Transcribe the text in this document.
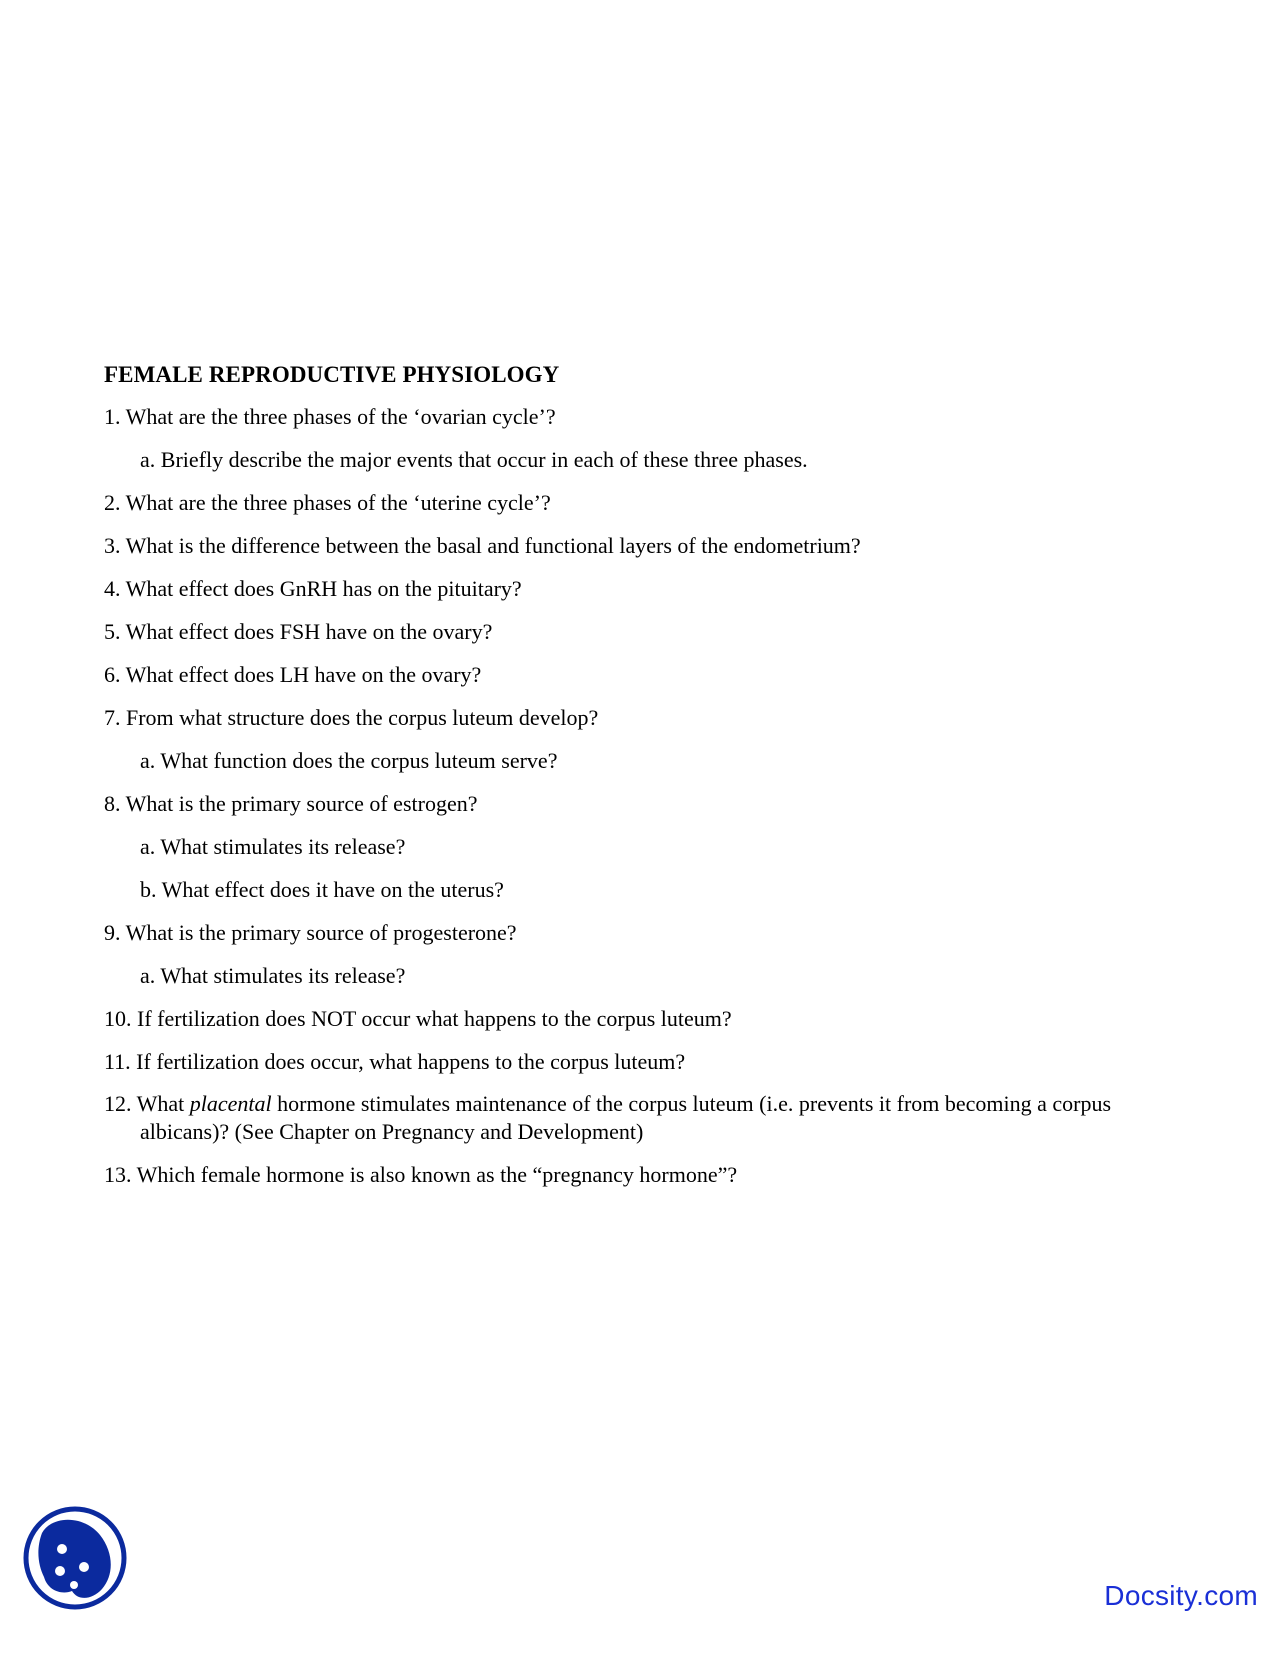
FEMALE REPRODUCTIVE PHYSIOLOGY
1. What are the three phases of the ‘ovarian cycle’?
a. Briefly describe the major events that occur in each of these three phases.
2. What are the three phases of the ‘uterine cycle’?
3. What is the difference between the basal and functional layers of the endometrium?
4. What effect does GnRH has on the pituitary?
5. What effect does FSH have on the ovary?
6. What effect does LH have on the ovary?
7. From what structure does the corpus luteum develop?
a. What function does the corpus luteum serve?
8. What is the primary source of estrogen?
a. What stimulates its release?
b. What effect does it have on the uterus?
9. What is the primary source of progesterone?
a. What stimulates its release?
10. If fertilization does NOT occur what happens to the corpus luteum?
11. If fertilization does occur, what happens to the corpus luteum?
12. What placental hormone stimulates maintenance of the corpus luteum (i.e. prevents it from becoming a corpus albicans)? (See Chapter on Pregnancy and Development)
13. Which female hormone is also known as the “pregnancy hormone”?
Docsity.com
